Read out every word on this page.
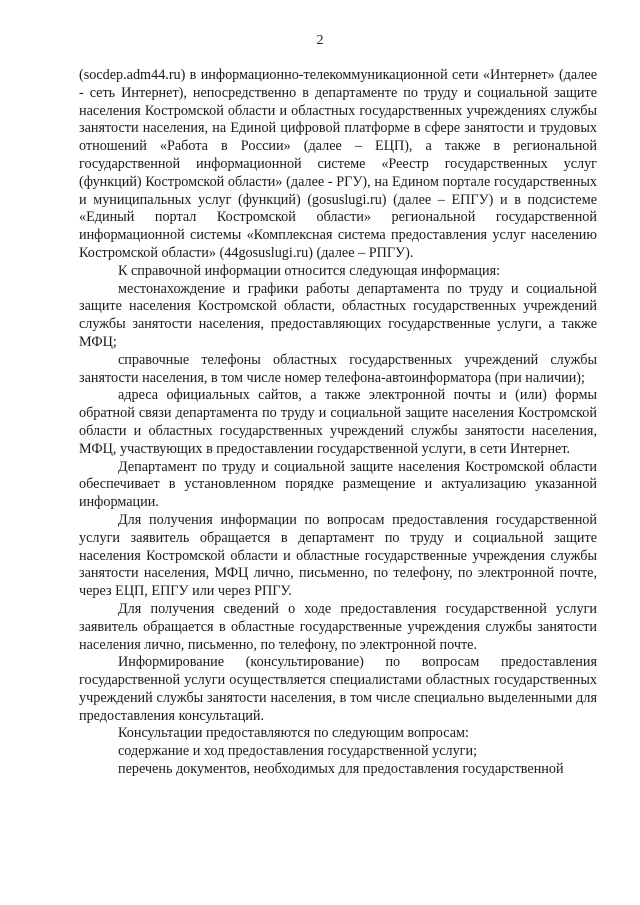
2

(socdep.adm44.ru) в информационно-телекоммуникационной сети «Интернет» (далее - сеть Интернет), непосредственно в департаменте по труду и социальной защите населения Костромской области и областных государственных учреждениях службы занятости населения, на Единой цифровой платформе в сфере занятости и трудовых отношений «Работа в России» (далее – ЕЦП), а также в региональной государственной информационной системе «Реестр государственных услуг (функций) Костромской области» (далее - РГУ), на Едином портале государственных и муниципальных услуг (функций) (gosuslugi.ru) (далее – ЕПГУ) и в подсистеме «Единый портал Костромской области» региональной государственной информационной системы «Комплексная система предоставления услуг населению Костромской области» (44gosuslugi.ru) (далее – РПГУ).

К справочной информации относится следующая информация:

местонахождение и графики работы департамента по труду и социальной защите населения Костромской области, областных государственных учреждений службы занятости населения, предоставляющих государственные услуги, а также МФЦ;

справочные телефоны областных государственных учреждений службы занятости населения, в том числе номер телефона-автоинформатора (при наличии);

адреса официальных сайтов, а также электронной почты и (или) формы обратной связи департамента по труду и социальной защите населения Костромской области и областных государственных учреждений службы занятости населения, МФЦ, участвующих в предоставлении государственной услуги, в сети Интернет.

Департамент по труду и социальной защите населения Костромской области обеспечивает в установленном порядке размещение и актуализацию указанной информации.

Для получения информации по вопросам предоставления государственной услуги заявитель обращается в департамент по труду и социальной защите населения Костромской области и областные государственные учреждения службы занятости населения, МФЦ лично, письменно, по телефону, по электронной почте, через ЕЦП, ЕПГУ или через РПГУ.

Для получения сведений о ходе предоставления государственной услуги заявитель обращается в областные государственные учреждения службы занятости населения лично, письменно, по телефону, по электронной почте.

Информирование (консультирование) по вопросам предоставления государственной услуги осуществляется специалистами областных государственных учреждений службы занятости населения, в том числе специально выделенными для предоставления консультаций.

Консультации предоставляются по следующим вопросам:

содержание и ход предоставления государственной услуги;

перечень документов, необходимых для предоставления государственной
